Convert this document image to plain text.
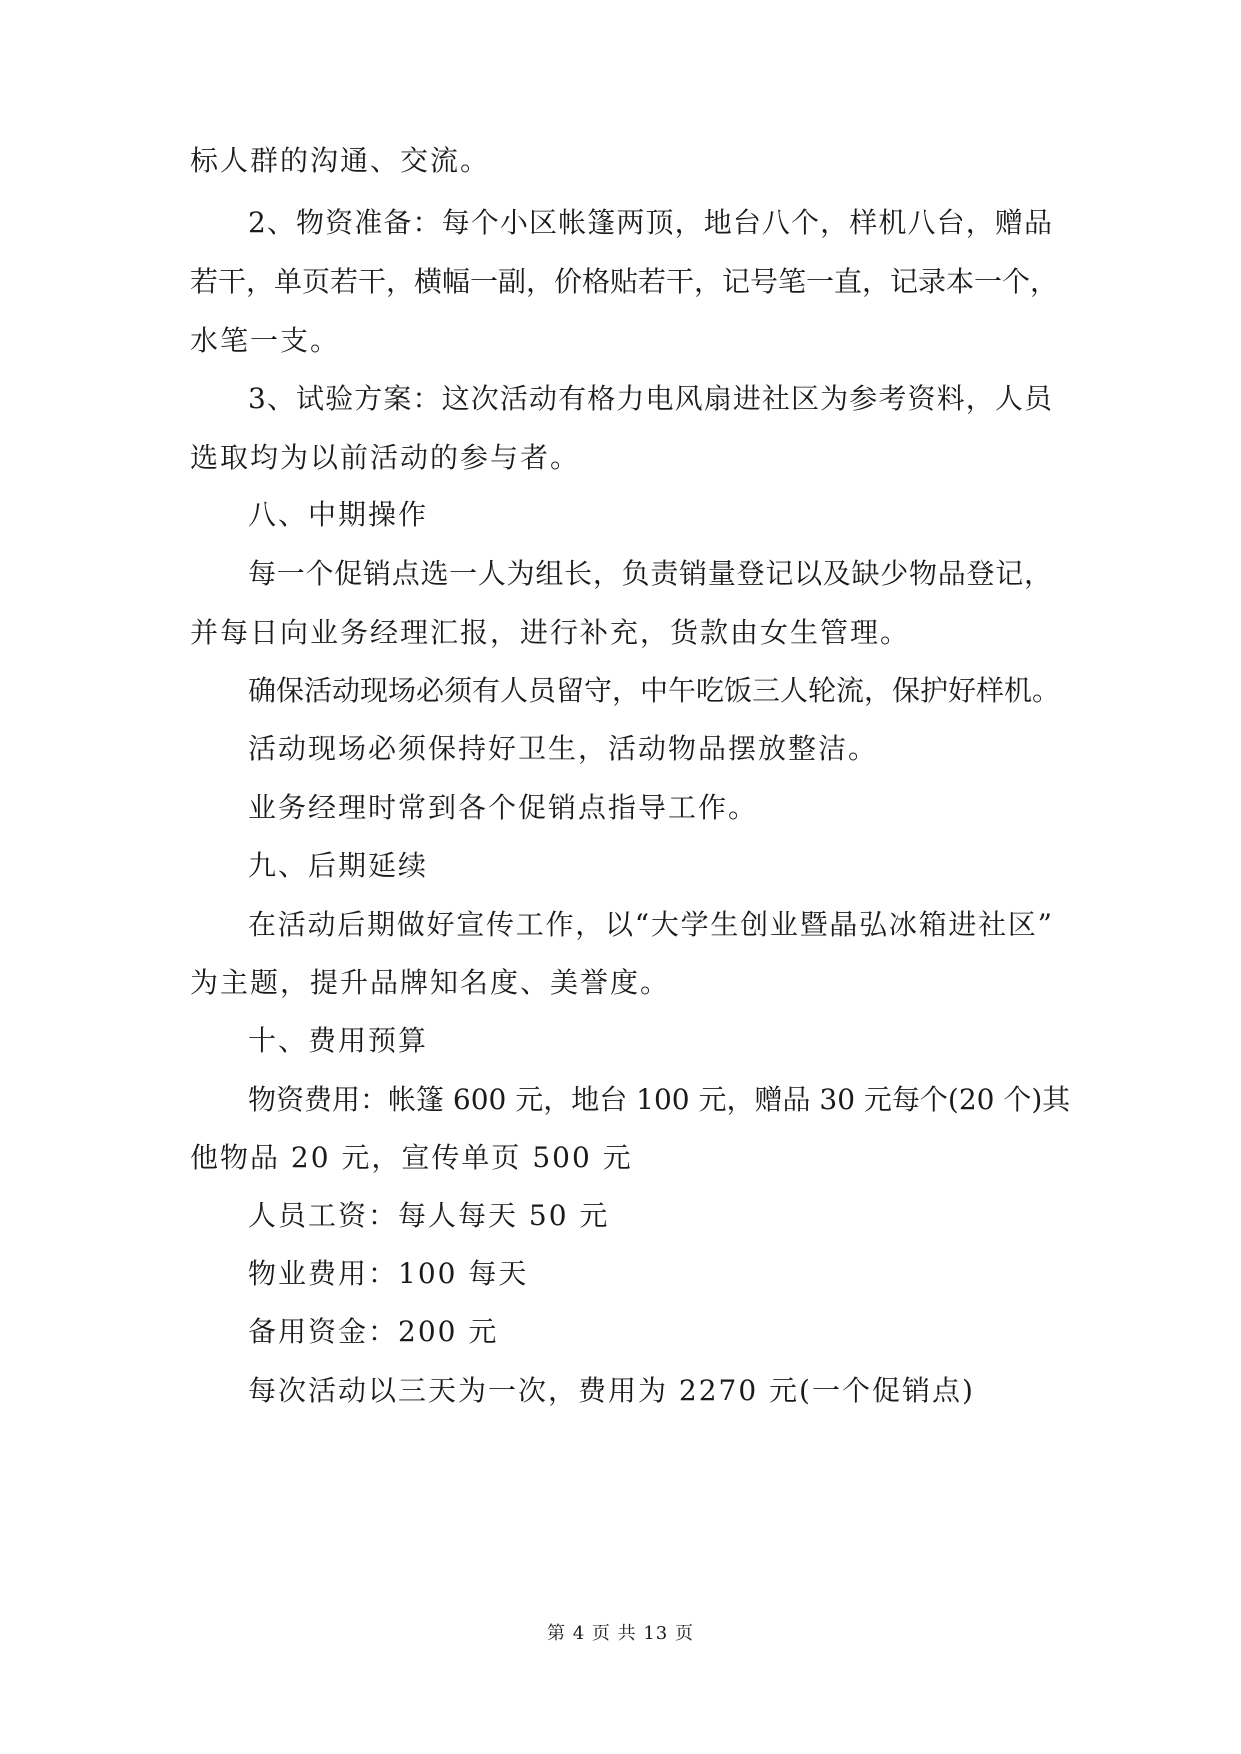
标人群的沟通、交流。
2、物资准备：每个小区帐篷两顶，地台八个，样机八台，赠品
若干，单页若干，横幅一副，价格贴若干，记号笔一直，记录本一个，
水笔一支。
3、试验方案：这次活动有格力电风扇进社区为参考资料，人员
选取均为以前活动的参与者。
八、中期操作
每一个促销点选一人为组长，负责销量登记以及缺少物品登记，
并每日向业务经理汇报，进行补充，货款由女生管理。
确保活动现场必须有人员留守，中午吃饭三人轮流，保护好样机。
活动现场必须保持好卫生，活动物品摆放整洁。
业务经理时常到各个促销点指导工作。
九、后期延续
在活动后期做好宣传工作，以“大学生创业暨晶弘冰箱进社区”
为主题，提升品牌知名度、美誉度。
十、费用预算
物资费用：帐篷 600 元，地台 100 元，赠品 30 元每个(20 个)其
他物品 20 元，宣传单页 500 元
人员工资：每人每天 50 元
物业费用：100 每天
备用资金：200 元
每次活动以三天为一次，费用为 2270 元(一个促销点)
第 4 页 共 13 页
